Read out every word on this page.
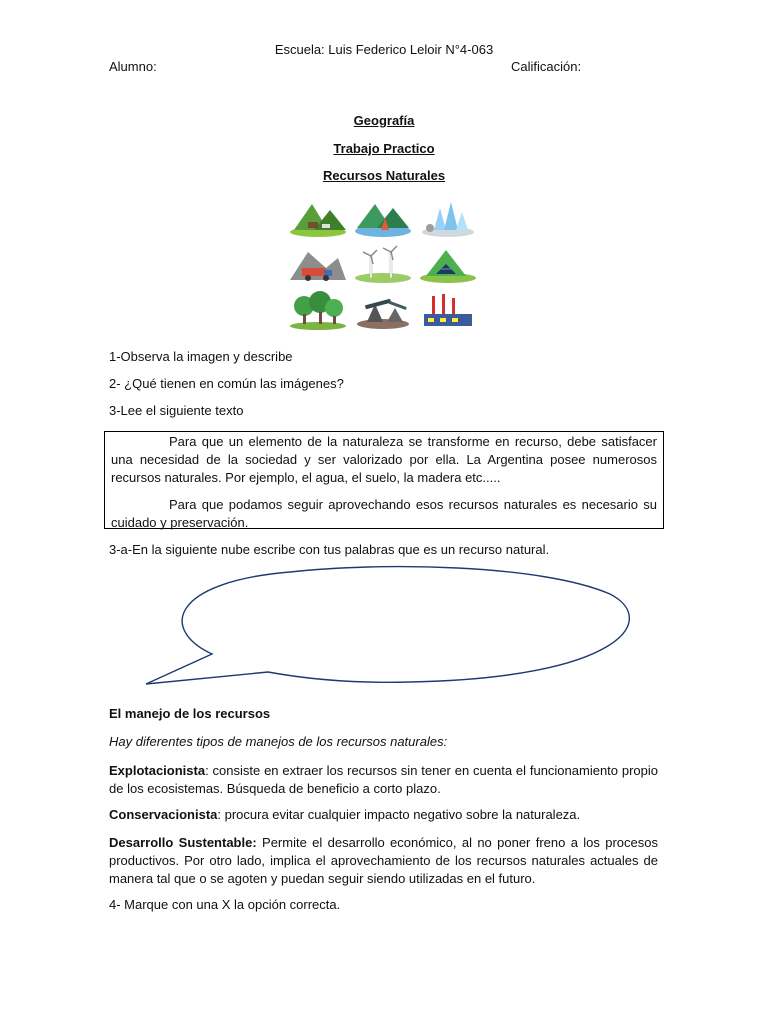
Escuela: Luis Federico Leloir N°4-063
Alumno:	Calificación:
Geografía
Trabajo Practico
Recursos Naturales
1-Observa la imagen y describe
2- ¿Qué tienen en común las imágenes?
3-Lee el siguiente texto

Para que un elemento de la naturaleza se transforme en recurso, debe satisfacer una necesidad de la sociedad y ser valorizado por ella. La Argentina posee numerosos recursos naturales. Por ejemplo, el agua, el suelo, la madera etc.....

Para que podamos seguir aprovechando esos recursos naturales es necesario su cuidado y preservación.

3-a-En la siguiente nube escribe con tus palabras que es un recurso natural.
El manejo de los recursos
Hay diferentes tipos de manejos de los recursos naturales:

Explotacionista: consiste en extraer los recursos sin tener en cuenta el funcionamiento propio de los ecosistemas. Búsqueda de beneficio a corto plazo.

Conservacionista: procura evitar cualquier impacto negativo sobre la naturaleza.

Desarrollo Sustentable: Permite el desarrollo económico, al no poner freno a los procesos productivos. Por otro lado, implica el aprovechamiento de los recursos naturales actuales de manera tal que o se agoten y puedan seguir siendo utilizadas en el futuro.

4- Marque con una X la opción correcta.
